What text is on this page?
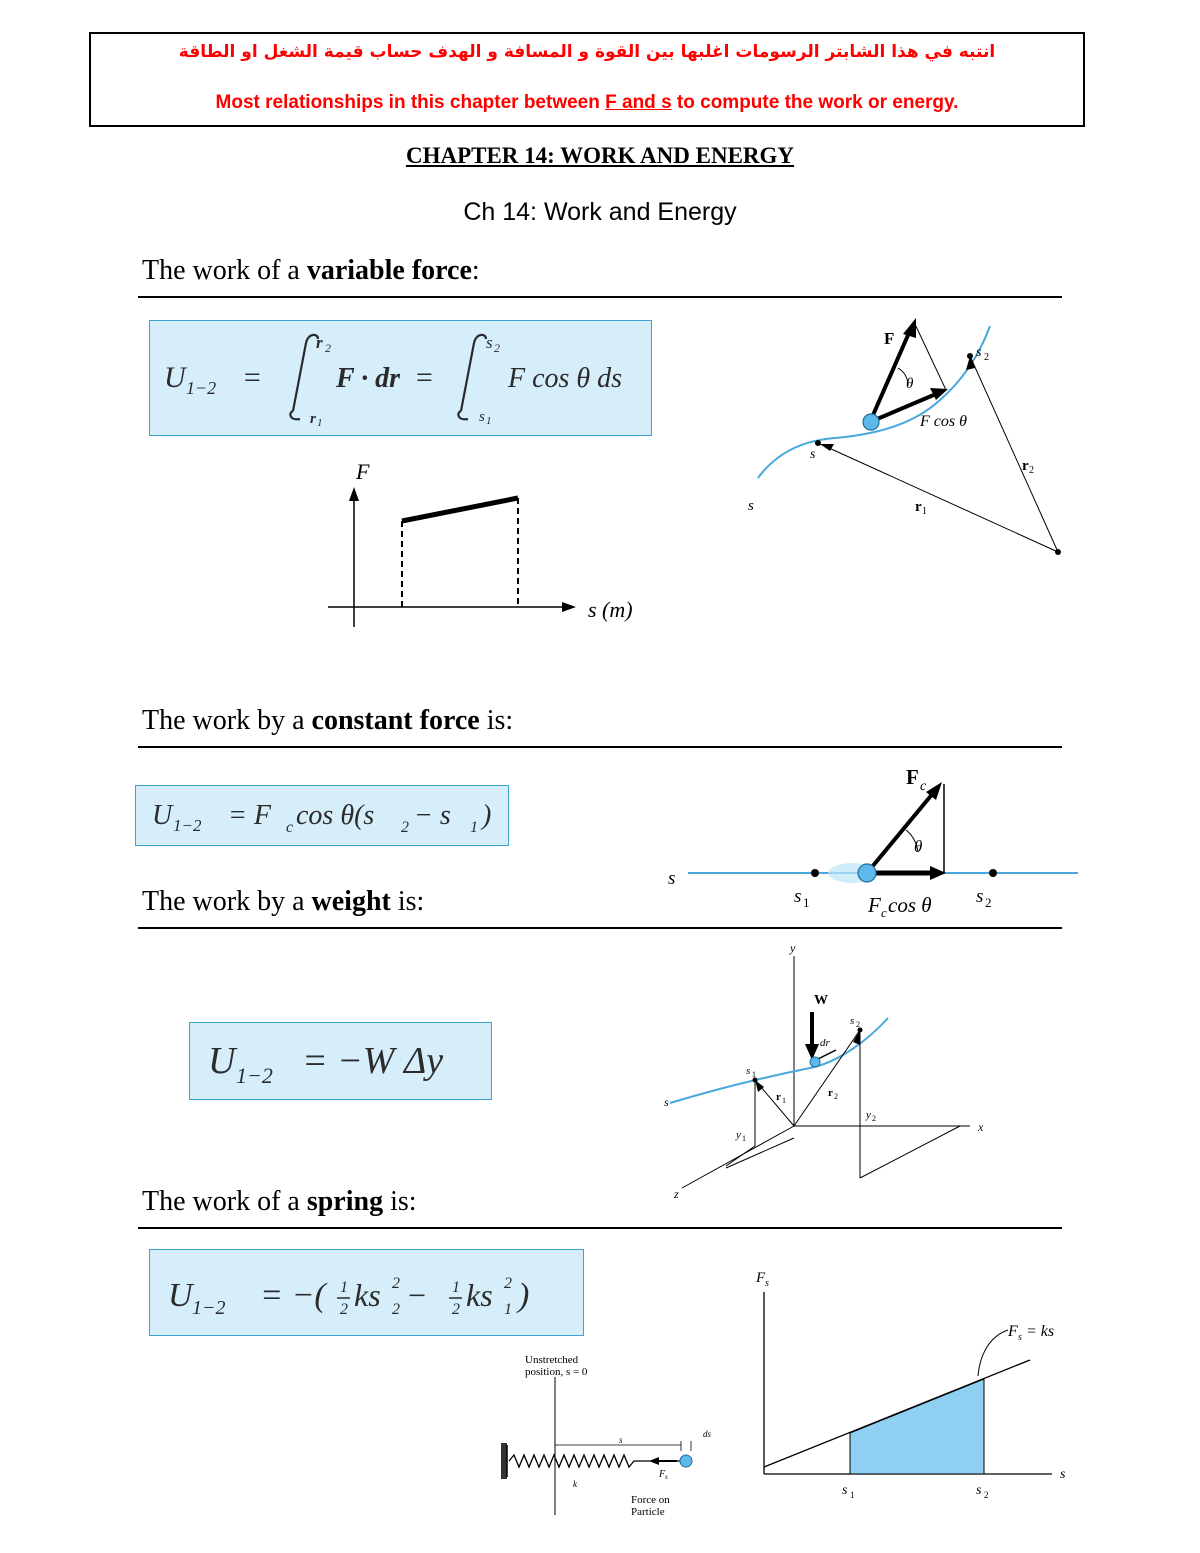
انتبه في هذا الشابتر الرسومات اغلبها بين القوة و المسافة و الهدف حساب قيمة الشغل او الطاقة
Most relationships in this chapter between F and s to compute the work or energy.
CHAPTER 14: WORK AND ENERGY
Ch 14: Work and Energy
The work of a variable force:
U 1−2 =
r 2
r 1
F · dr =
s 2
s 1
F cos θ ds
F
s (m)
F
θ
F cos θ
s
s
s 2
r 1
r 2
The work by a constant force is:
U 1−2 = F c cos θ(s 2 − s 1 )
F c
θ
s
s 1	s 2
F c cos θ
The work by a weight is:
U 1−2 = −W Δy
y
x
z
W
dr
s
s 1
s 2
r 1
r 2
y 1
y 2
The work of a spring is:
U 1−2 = −( 1
2 ks 2
2 − 1
2 ks 2
1 )
Unstretched
position, s = 0
Force on
Particle
F s
ds
k
s
F s
F s = ks
s
s 1	s 2
